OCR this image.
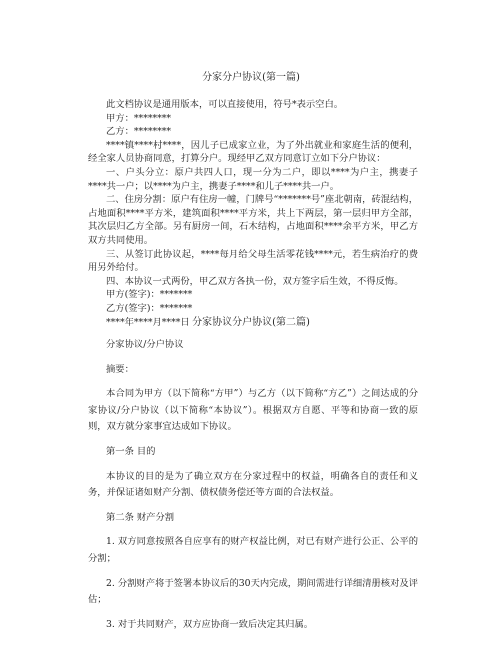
分家分户协议(第一篇)

此文档协议是通用版本，可以直接使用，符号*表示空白。

甲方：********

乙方：********

****镇****村****，因儿子已成家立业，为了外出就业和家庭生活的便利，经全家人员协商同意，打算分户。现经甲乙双方同意订立如下分户协议：

一、户头分立：原户共四人口，现一分为二户，即以****为户主，携妻子****共一户；以****为户主，携妻子****和儿子****共一户。

二、住房分割：原户有住房一幢，门牌号“*******号”座北朝南，砖混结构，占地面积****平方米，建筑面积****平方米，共上下两层，第一层归甲方全部，其次层归乙方全部。另有厨房一间，石木结构，占地面积****余平方米，甲乙方双方共同使用。

三、从签订此协议起，****每月给父母生活零花钱****元，若生病治疗的费用另外给付。

四、本协议一式两份，甲乙双方各执一份，双方签字后生效，不得反悔。

甲方(签字)：*******

乙方(签字)：*******

****年****月****日 分家协议分户协议(第二篇)

分家协议/分户协议

摘要：

本合同为甲方（以下简称“方甲”）与乙方（以下简称“方乙”）之间达成的分家协议/分户协议（以下简称“本协议”）。根据双方自愿、平等和协商一致的原则，双方就分家事宜达成如下协议。

第一条 目的

本协议的目的是为了确立双方在分家过程中的权益，明确各自的责任和义务，并保证诸如财产分割、债权债务偿还等方面的合法权益。

第二条 财产分割

1. 双方同意按照各自应享有的财产权益比例，对已有财产进行公正、公平的分割；

2. 分割财产将于签署本协议后的30天内完成，期间需进行详细清册核对及评估；

3. 对于共同财产，双方应协商一致后决定其归属。
